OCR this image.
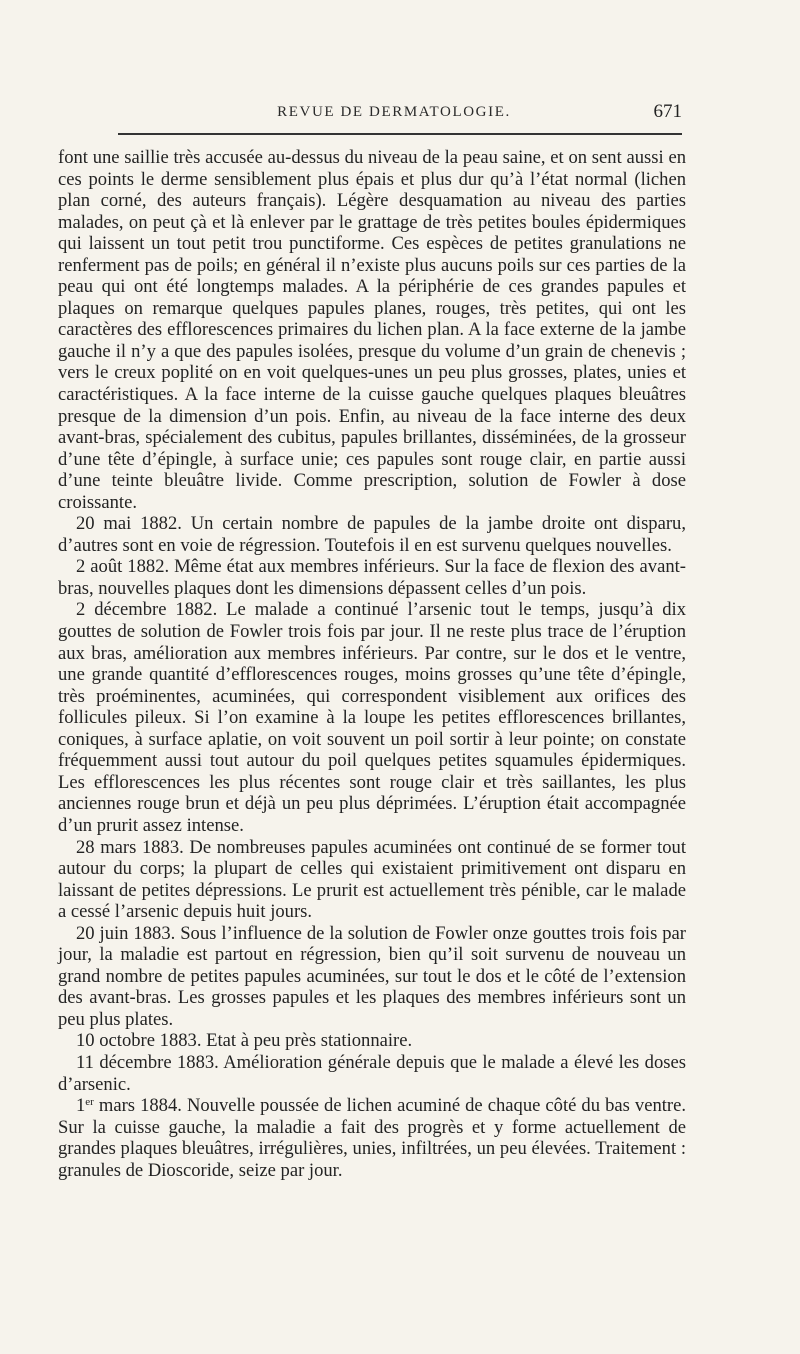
REVUE DE DERMATOLOGIE.	671

font une saillie très accusée au-dessus du niveau de la peau saine, et on sent aussi en ces points le derme sensiblement plus épais et plus dur qu’à l’état normal (lichen plan corné, des auteurs français). Légère desquamation au niveau des parties malades, on peut çà et là enlever par le grattage de très petites boules épidermiques qui laissent un tout petit trou punctiforme. Ces espèces de petites granulations ne renferment pas de poils; en général il n’existe plus aucuns poils sur ces parties de la peau qui ont été longtemps malades. A la périphérie de ces grandes papules et plaques on remarque quelques papules planes, rouges, très petites, qui ont les caractères des efflorescences primaires du lichen plan. A la face externe de la jambe gauche il n’y a que des papules isolées, presque du volume d’un grain de chenevis ; vers le creux poplité on en voit quelques-unes un peu plus grosses, plates, unies et caractéristiques. A la face interne de la cuisse gauche quelques plaques bleuâtres presque de la dimension d’un pois. Enfin, au niveau de la face interne des deux avant-bras, spécialement des cubitus, papules brillantes, disséminées, de la grosseur d’une tête d’épingle, à surface unie; ces papules sont rouge clair, en partie aussi d’une teinte bleuâtre livide. Comme prescription, solution de Fowler à dose croissante.

20 mai 1882. Un certain nombre de papules de la jambe droite ont disparu, d’autres sont en voie de régression. Toutefois il en est survenu quelques nouvelles.

2 août 1882. Même état aux membres inférieurs. Sur la face de flexion des avant-bras, nouvelles plaques dont les dimensions dépassent celles d’un pois.

2 décembre 1882. Le malade a continué l’arsenic tout le temps, jusqu’à dix gouttes de solution de Fowler trois fois par jour. Il ne reste plus trace de l’éruption aux bras, amélioration aux membres inférieurs. Par contre, sur le dos et le ventre, une grande quantité d’efflorescences rouges, moins grosses qu’une tête d’épingle, très proéminentes, acuminées, qui correspondent visiblement aux orifices des follicules pileux. Si l’on examine à la loupe les petites efflorescences brillantes, coniques, à surface aplatie, on voit souvent un poil sortir à leur pointe; on constate fréquemment aussi tout autour du poil quelques petites squamules épidermiques. Les efflorescences les plus récentes sont rouge clair et très saillantes, les plus anciennes rouge brun et déjà un peu plus déprimées. L’éruption était accompagnée d’un prurit assez intense.

28 mars 1883. De nombreuses papules acuminées ont continué de se former tout autour du corps; la plupart de celles qui existaient primitivement ont disparu en laissant de petites dépressions. Le prurit est actuellement très pénible, car le malade a cessé l’arsenic depuis huit jours.

20 juin 1883. Sous l’influence de la solution de Fowler onze gouttes trois fois par jour, la maladie est partout en régression, bien qu’il soit survenu de nouveau un grand nombre de petites papules acuminées, sur tout le dos et le côté de l’extension des avant-bras. Les grosses papules et les plaques des membres inférieurs sont un peu plus plates.

10 octobre 1883. Etat à peu près stationnaire.

11 décembre 1883. Amélioration générale depuis que le malade a élevé les doses d’arsenic.

1er mars 1884. Nouvelle poussée de lichen acuminé de chaque côté du bas ventre. Sur la cuisse gauche, la maladie a fait des progrès et y forme actuellement de grandes plaques bleuâtres, irrégulières, unies, infiltrées, un peu élevées. Traitement : granules de Dioscoride, seize par jour.
